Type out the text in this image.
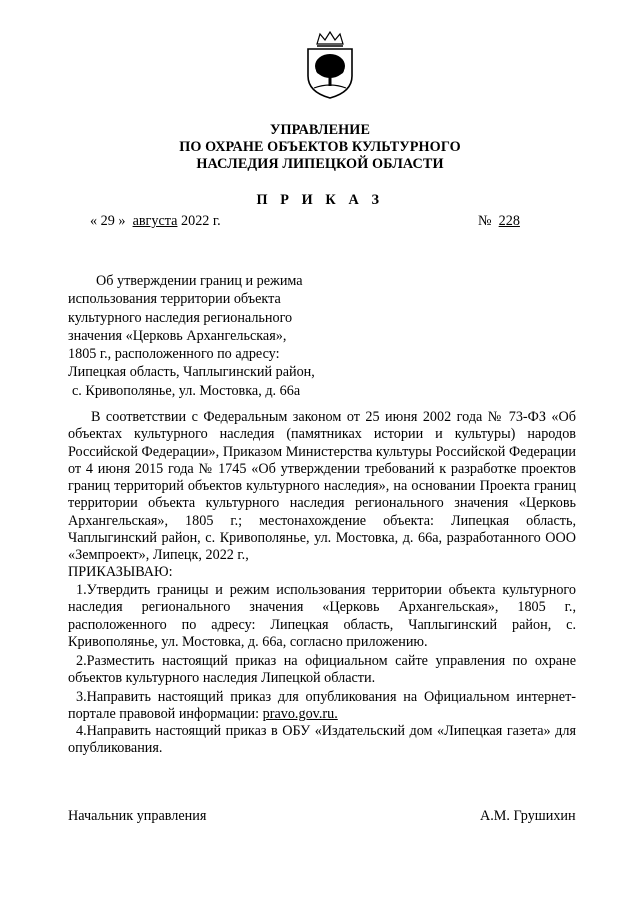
УПРАВЛЕНИЕ
ПО ОХРАНЕ ОБЪЕКТОВ КУЛЬТУРНОГО
НАСЛЕДИЯ ЛИПЕЦКОЙ ОБЛАСТИ
П Р И К А З
« 29 » августа 2022 г.	№ 228
Об утверждении границ и режима
использования территории объекта
культурного наследия регионального
значения «Церковь Архангельская»,
1805 г., расположенного по адресу:
Липецкая область, Чаплыгинский район,
с. Кривополянье, ул. Мостовка, д. 66а
В соответствии с Федеральным законом от 25 июня 2002 года № 73-ФЗ «Об объектах культурного наследия (памятниках истории и культуры) народов Российской Федерации», Приказом Министерства культуры Российской Федерации от 4 июня 2015 года № 1745 «Об утверждении требований к разработке проектов границ территорий объектов культурного наследия», на основании Проекта границ территории объекта культурного наследия регионального значения «Церковь Архангельская», 1805 г.; местонахождение объекта: Липецкая область, Чаплыгинский район, с. Кривополянье, ул. Мостовка, д. 66а, разработанного ООО «Земпроект», Липецк, 2022 г.,
ПРИКАЗЫВАЮ:
1.Утвердить границы и режим использования территории объекта культурного наследия регионального значения «Церковь Архангельская», 1805 г., расположенного по адресу: Липецкая область, Чаплыгинский район, с. Кривополянье, ул. Мостовка, д. 66а, согласно приложению.
2.Разместить настоящий приказ на официальном сайте управления по охране объектов культурного наследия Липецкой области.
3.Направить настоящий приказ для опубликования на Официальном интернет-портале правовой информации: pravo.gov.ru.
4.Направить настоящий приказ в ОБУ «Издательский дом «Липецкая газета» для опубликования.
Начальник управления	А.М. Грушихин
